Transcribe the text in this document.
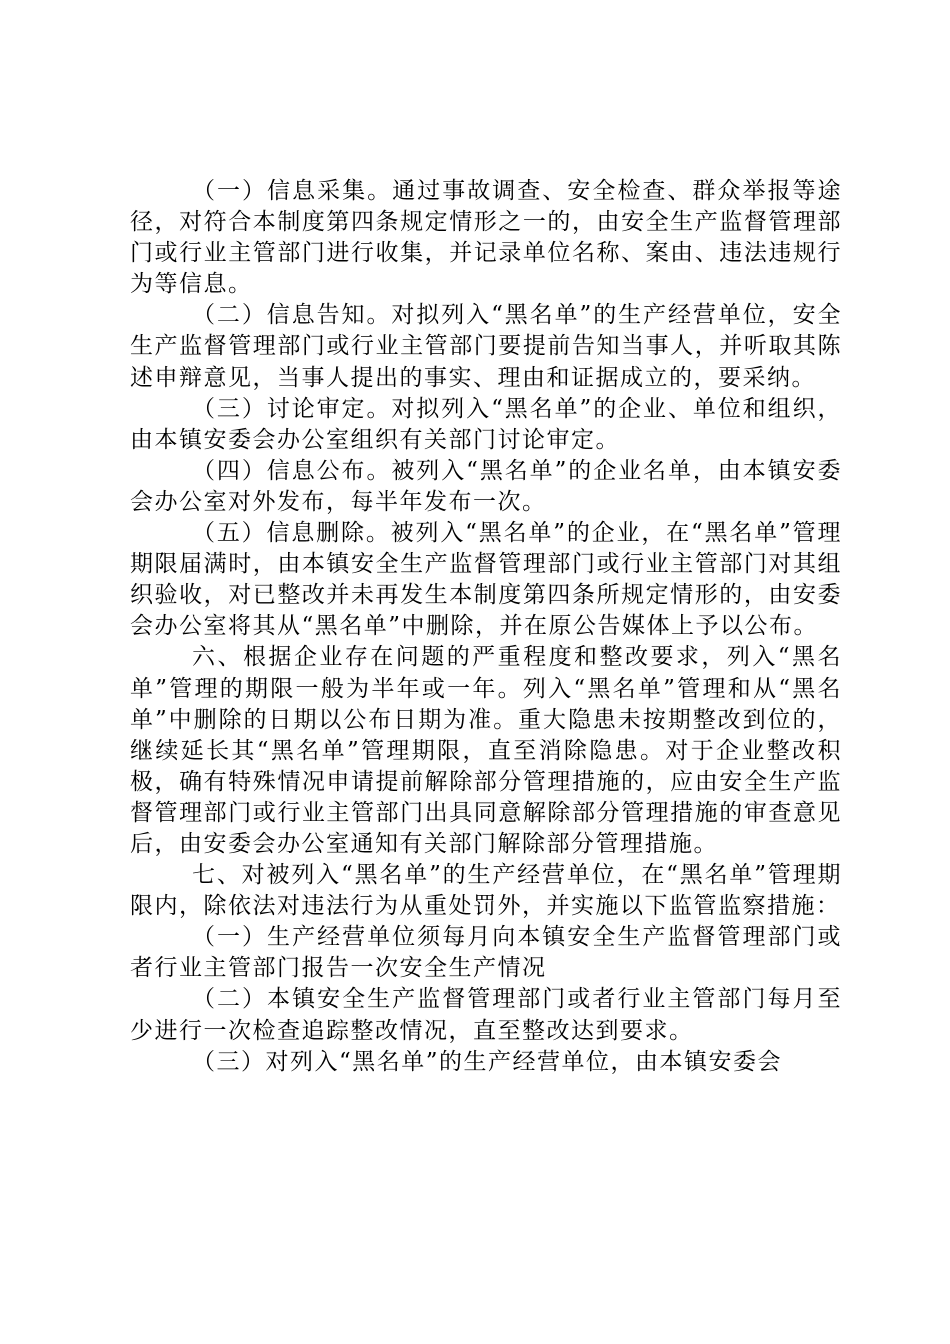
（一）信息采集。通过事故调查、安全检查、群众举报等途径，对符合本制度第四条规定情形之一的，由安全生产监督管理部门或行业主管部门进行收集，并记录单位名称、案由、违法违规行为等信息。

（二）信息告知。对拟列入“黑名单”的生产经营单位，安全生产监督管理部门或行业主管部门要提前告知当事人，并听取其陈述申辩意见，当事人提出的事实、理由和证据成立的，要采纳。

（三）讨论审定。对拟列入“黑名单”的企业、单位和组织，由本镇安委会办公室组织有关部门讨论审定。

（四）信息公布。被列入“黑名单”的企业名单，由本镇安委会办公室对外发布，每半年发布一次。

（五）信息删除。被列入“黑名单”的企业，在“黑名单”管理期限届满时，由本镇安全生产监督管理部门或行业主管部门对其组织验收，对已整改并未再发生本制度第四条所规定情形的，由安委会办公室将其从“黑名单”中删除，并在原公告媒体上予以公布。

六、根据企业存在问题的严重程度和整改要求，列入“黑名单”管理的期限一般为半年或一年。列入“黑名单”管理和从“黑名单”中删除的日期以公布日期为准。重大隐患未按期整改到位的，继续延长其“黑名单”管理期限，直至消除隐患。对于企业整改积极，确有特殊情况申请提前解除部分管理措施的，应由安全生产监督管理部门或行业主管部门出具同意解除部分管理措施的审查意见后，由安委会办公室通知有关部门解除部分管理措施。

七、对被列入“黑名单”的生产经营单位，在“黑名单”管理期限内，除依法对违法行为从重处罚外，并实施以下监管监察措施：

（一）生产经营单位须每月向本镇安全生产监督管理部门或者行业主管部门报告一次安全生产情况

（二）本镇安全生产监督管理部门或者行业主管部门每月至少进行一次检查追踪整改情况，直至整改达到要求。

（三）对列入“黑名单”的生产经营单位，由本镇安委会
